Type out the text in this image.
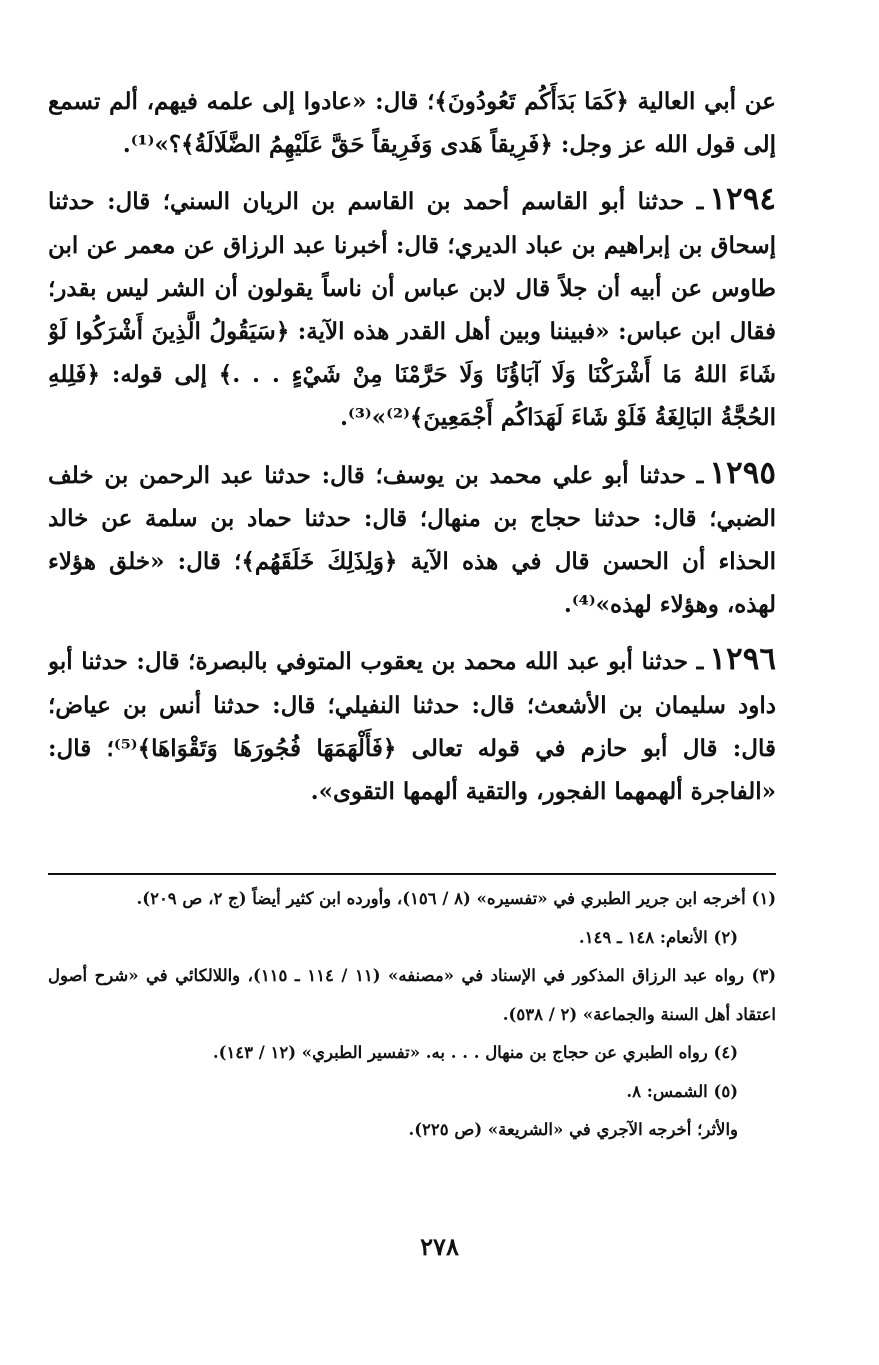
عن أبي العالية ﴿كَمَا بَدَأَكُم تَعُودُونَ﴾؛ قال: «عادوا إلى علمه فيهم، ألم تسمع إلى قول الله عز وجل: ﴿فَرِيقاً هَدى وَفَرِيقاً حَقَّ عَلَيْهِمُ الضَّلَالَةُ﴾؟»⁽¹⁾.

١٢٩٤ـ حدثنا أبو القاسم أحمد بن القاسم بن الريان السني؛ قال: حدثنا إسحاق بن إبراهيم بن عباد الديري؛ قال: أخبرنا عبد الرزاق عن معمر عن ابن طاوس عن أبيه أن جلاً قال لابن عباس أن ناساً يقولون أن الشر ليس بقدر؛ فقال ابن عباس: «فبيننا وبين أهل القدر هذه الآية: ﴿سَيَقُولُ الَّذِينَ أَشْرَكُوا لَوْ شَاءَ اللهُ مَا أَشْرَكْنَا وَلَا آبَاؤُنَا وَلَا حَرَّمْنَا مِنْ شَيْءٍ . . .﴾ إلى قوله: ﴿فَلِلهِ الحُجَّةُ البَالِغَةُ فَلَوْ شَاءَ لَهَدَاكُم أَجْمَعِينَ﴾⁽²⁾»⁽³⁾.

١٢٩٥ـ حدثنا أبو علي محمد بن يوسف؛ قال: حدثنا عبد الرحمن بن خلف الضبي؛ قال: حدثنا حجاج بن منهال؛ قال: حدثنا حماد بن سلمة عن خالد الحذاء أن الحسن قال في هذه الآية ﴿وَلِذَلِكَ خَلَقَهُم﴾؛ قال: «خلق هؤلاء لهذه، وهؤلاء لهذه»⁽⁴⁾.

١٢٩٦ـ حدثنا أبو عبد الله محمد بن يعقوب المتوفي بالبصرة؛ قال: حدثنا أبو داود سليمان بن الأشعث؛ قال: حدثنا النفيلي؛ قال: حدثنا أنس بن عياض؛ قال: قال أبو حازم في قوله تعالى ﴿فَأَلْهَمَهَا فُجُورَهَا وَتَقْوَاهَا﴾⁽⁵⁾؛ قال: «الفاجرة ألهمهما الفجور، والتقية ألهمها التقوى».

(١) أخرجه ابن جرير الطبري في «تفسيره» (٨ / ١٥٦)، وأورده ابن كثير أيضاً (ج ٢، ص ٢٠٩).

(٢) الأنعام: ١٤٨ ـ ١٤٩.

(٣) رواه عبد الرزاق المذكور في الإسناد في «مصنفه» (١١ / ١١٤ ـ ١١٥)، واللالكائي في «شرح أصول اعتقاد أهل السنة والجماعة» (٢ / ٥٣٨).

(٤) رواه الطبري عن حجاج بن منهال . . . به. «تفسير الطبري» (١٢ / ١٤٣).

(٥) الشمس: ٨.

والأثر؛ أخرجه الآجري في «الشريعة» (ص ٢٢٥).

٢٧٨
